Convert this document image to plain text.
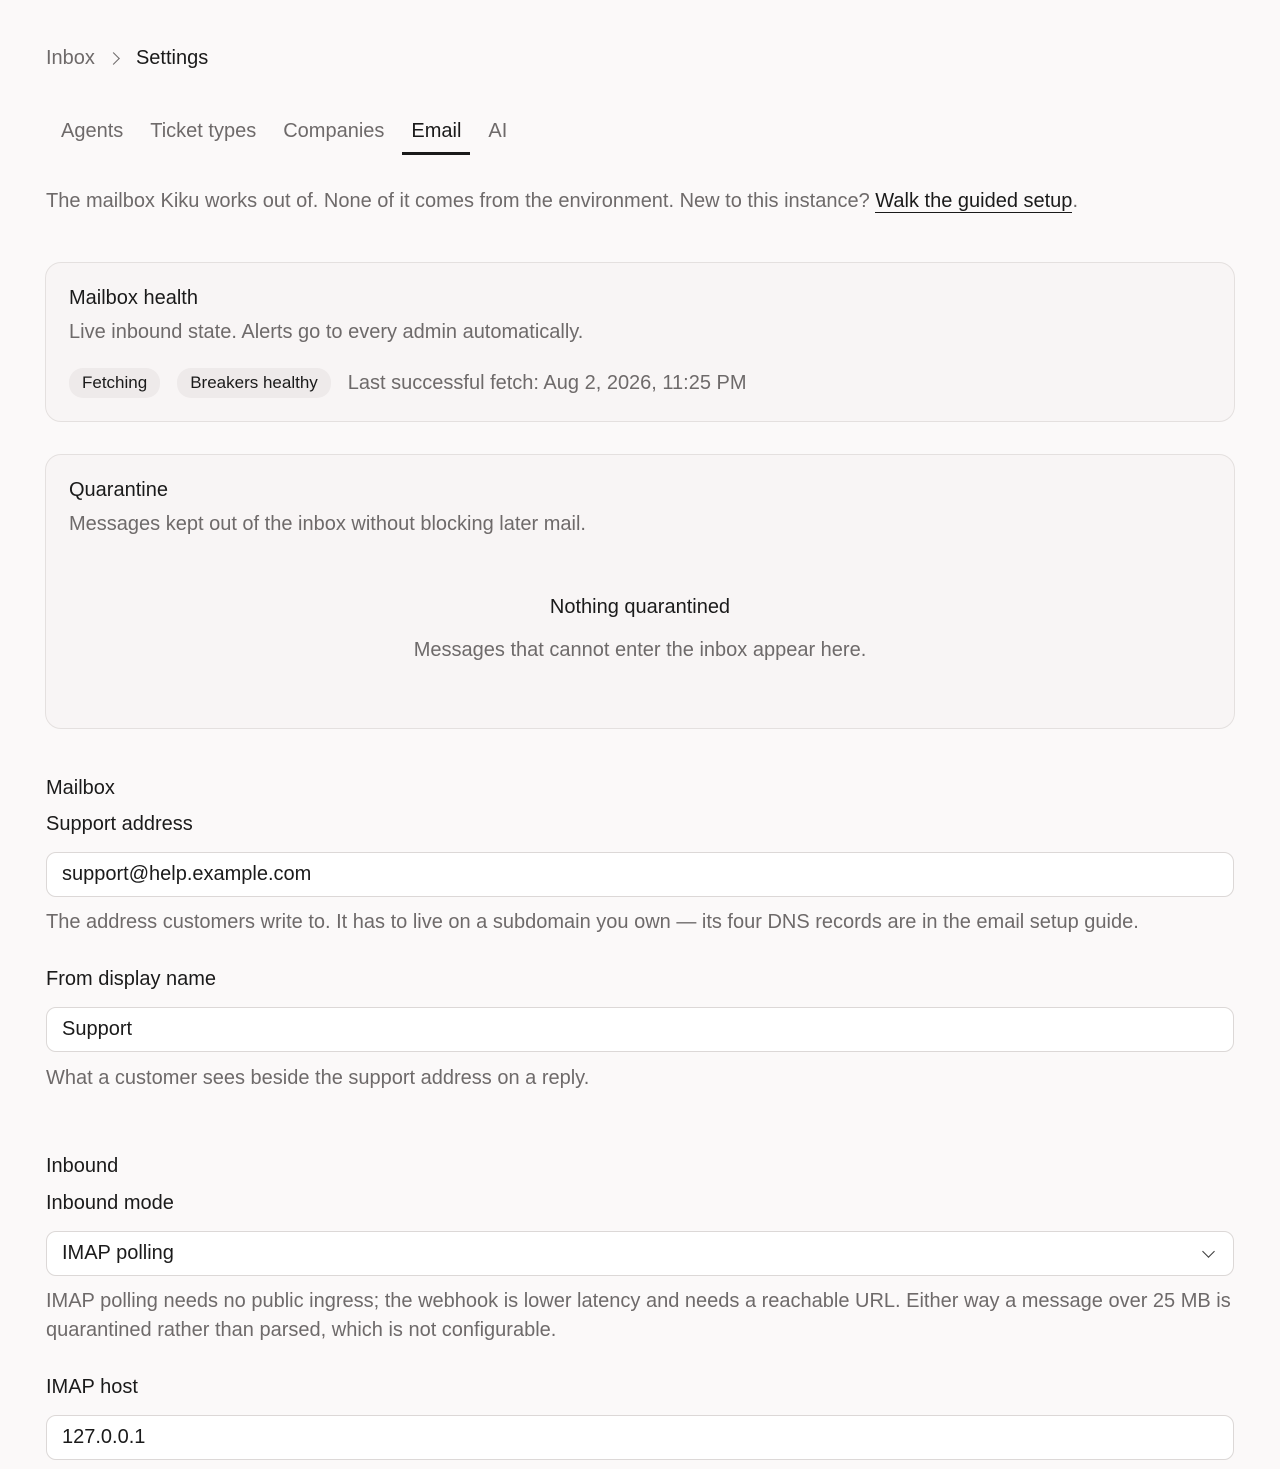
Inbox Settings
Agents	Ticket types	Companies	Email	AI

The mailbox Kiku works out of. None of it comes from the environment. New to this instance? Walk the guided setup.

Mailbox health
Live inbound state. Alerts go to every admin automatically.
Fetching	Breakers healthy	Last successful fetch: Aug 2, 2026, 11:25 PM
Quarantine
Messages kept out of the inbox without blocking later mail.
Nothing quarantined
Messages that cannot enter the inbox appear here.
Mailbox
Support address
support@help.example.com
The address customers write to. It has to live on a subdomain you own — its four DNS records are in the email setup guide.
From display name
Support
What a customer sees beside the support address on a reply.
Inbound
Inbound mode
IMAP polling
IMAP polling needs no public ingress; the webhook is lower latency and needs a reachable URL. Either way a message over 25 MB is quarantined rather than parsed, which is not configurable.
IMAP host
127.0.0.1
